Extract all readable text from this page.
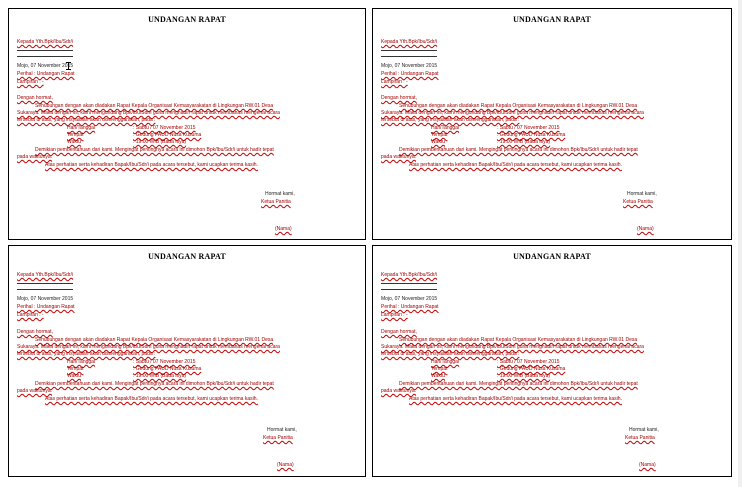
UNDANGAN RAPAT
Kepada Yth.Bpk/Ibu/Sdr/i
Mojo, 07 November 2015
Perihal : Undangan Rapat
Lampiran : -
Dengan hormat,
Sehubungan dengan akan diadakan Rapat Kepala Organisasi Kemasyarakatan di Lingkungan RW.01 Desa
Sukaraya. Maka dengan ini, kami mengundang Bpk/Ibu/Sdr/i guna menghadiri rapat untuk membahas mengenai acara
tersebut di atas, yang insyaallah akan diselenggarakan, pada :
Hari/Tanggal	: Sabtu / 07 November 2015
Tempat	: Gedung PAUD Nusa Kusuma
Waktu	: 19.00 WIB (Bada Isya)
Demikian pemberitahuan dari kami. Mengingat pentingnya acara ini dimohon Bpk/Ibu/Sdr/i untuk hadir tepat
pada waktunya.
Atas perhatian serta kehadiran Bapak/Ibu/Sdr/i pada acara tersebut, kami ucapkan terima kasih.
Hormat kami,
Ketua Panitia
(Nama)
UNDANGAN RAPAT
Kepada Yth.Bpk/Ibu/Sdr/i
Mojo, 07 November 2015
Perihal : Undangan Rapat
Lampiran : -
Dengan hormat,
Sehubungan dengan akan diadakan Rapat Kepala Organisasi Kemasyarakatan di Lingkungan RW.01 Desa
Sukaraya. Maka dengan ini, kami mengundang Bpk/Ibu/Sdr/i guna menghadiri rapat untuk membahas mengenai acara
tersebut di atas, yang insyaallah akan diselenggarakan, pada :
Hari/Tanggal	: Sabtu / 07 November 2015
Tempat	: Gedung PAUD Nusa Kusuma
Waktu	: 19.00 WIB (Bada Isya)
Demikian pemberitahuan dari kami. Mengingat pentingnya acara ini dimohon Bpk/Ibu/Sdr/i untuk hadir tepat
pada waktunya.
Atas perhatian serta kehadiran Bapak/Ibu/Sdr/i pada acara tersebut, kami ucapkan terima kasih.
Hormat kami,
Ketua Panitia
(Nama)
UNDANGAN RAPAT
Kepada Yth.Bpk/Ibu/Sdr/i
Mojo, 07 November 2015
Perihal : Undangan Rapat
Lampiran : -
Dengan hormat,
Sehubungan dengan akan diadakan Rapat Kepala Organisasi Kemasyarakatan di Lingkungan RW.01 Desa
Sukaraya. Maka dengan ini, kami mengundang Bpk/Ibu/Sdr/i guna menghadiri rapat untuk membahas mengenai acara
tersebut di atas, yang insyaallah akan diselenggarakan, pada :
Hari/Tanggal	: Sabtu / 07 November 2015
Tempat	: Gedung PAUD Nusa Kusuma
Waktu	: 19.00 WIB (Bada Isya)
Demikian pemberitahuan dari kami. Mengingat pentingnya acara ini dimohon Bpk/Ibu/Sdr/i untuk hadir tepat
pada waktunya.
Atas perhatian serta kehadiran Bapak/Ibu/Sdr/i pada acara tersebut, kami ucapkan terima kasih.
Hormat kami,
Ketua Panitia
(Nama)
UNDANGAN RAPAT
Kepada Yth.Bpk/Ibu/Sdr/i
Mojo, 07 November 2015
Perihal : Undangan Rapat
Lampiran : -
Dengan hormat,
Sehubungan dengan akan diadakan Rapat Kepala Organisasi Kemasyarakatan di Lingkungan RW.01 Desa
Sukaraya. Maka dengan ini, kami mengundang Bpk/Ibu/Sdr/i guna menghadiri rapat untuk membahas mengenai acara
tersebut di atas, yang insyaallah akan diselenggarakan, pada :
Hari/Tanggal	: Sabtu / 07 November 2015
Tempat	: Gedung PAUD Nusa Kusuma
Waktu	: 19.00 WIB (Bada Isya)
Demikian pemberitahuan dari kami. Mengingat pentingnya acara ini dimohon Bpk/Ibu/Sdr/i untuk hadir tepat
pada waktunya.
Atas perhatian serta kehadiran Bapak/Ibu/Sdr/i pada acara tersebut, kami ucapkan terima kasih.
Hormat kami,
Ketua Panitia
(Nama)
